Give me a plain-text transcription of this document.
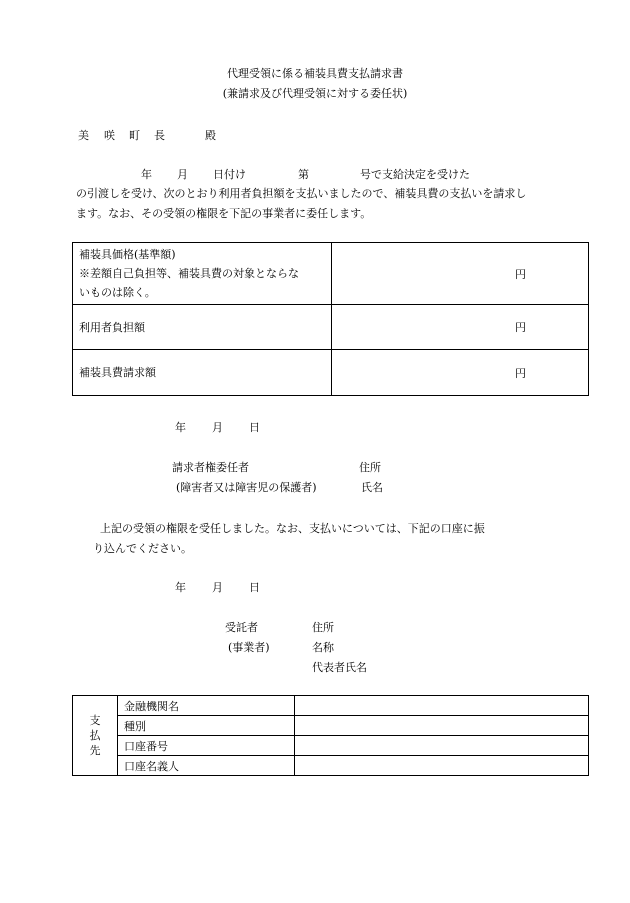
代理受領に係る補装具費支払請求書
(兼請求及び代理受領に対する委任状)
美 咲 町 長	殿
年 月 日付け	第	号で支給決定を受けた
の引渡しを受け、次のとおり利用者負担額を支払いましたので、補装具費の支払いを請求し
ます。なお、その受領の権限を下記の事業者に委任します。
補装具価格(基準額)
※差額自己負担等、補装具費の対象とならな
いものは除く。	円
利用者負担額	円
補装具費請求額	円
年 月 日
請求者権委任者	住所
(障害者又は障害児の保護者)	氏名
上記の受領の権限を受任しました。なお、支払いについては、下記の口座に振
り込んでください。
年 月 日
受託者	住所
(事業者)	名称
代表者氏名
支
払
先	金融機関名	
	種別	
	口座番号	
	口座名義人	
